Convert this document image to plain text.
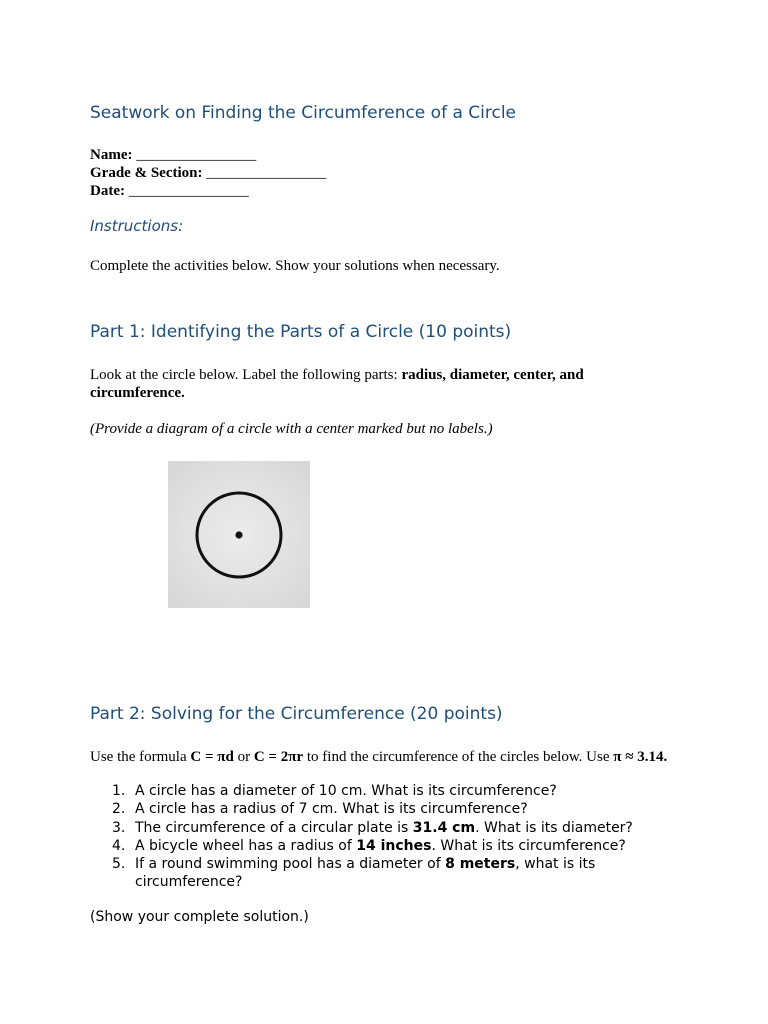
Seatwork on Finding the Circumference of a Circle
Name: ________________
Grade & Section: ________________
Date: ________________
Instructions:
Complete the activities below. Show your solutions when necessary.
Part 1: Identifying the Parts of a Circle (10 points)
Look at the circle below. Label the following parts: radius, diameter, center, and circumference.
(Provide a diagram of a circle with a center marked but no labels.)
Part 2: Solving for the Circumference (20 points)
Use the formula C = πd or C = 2πr to find the circumference of the circles below. Use π ≈ 3.14.
1. A circle has a diameter of 10 cm. What is its circumference?
2. A circle has a radius of 7 cm. What is its circumference?
3. The circumference of a circular plate is 31.4 cm. What is its diameter?
4. A bicycle wheel has a radius of 14 inches. What is its circumference?
5. If a round swimming pool has a diameter of 8 meters, what is its circumference?
(Show your complete solution.)
